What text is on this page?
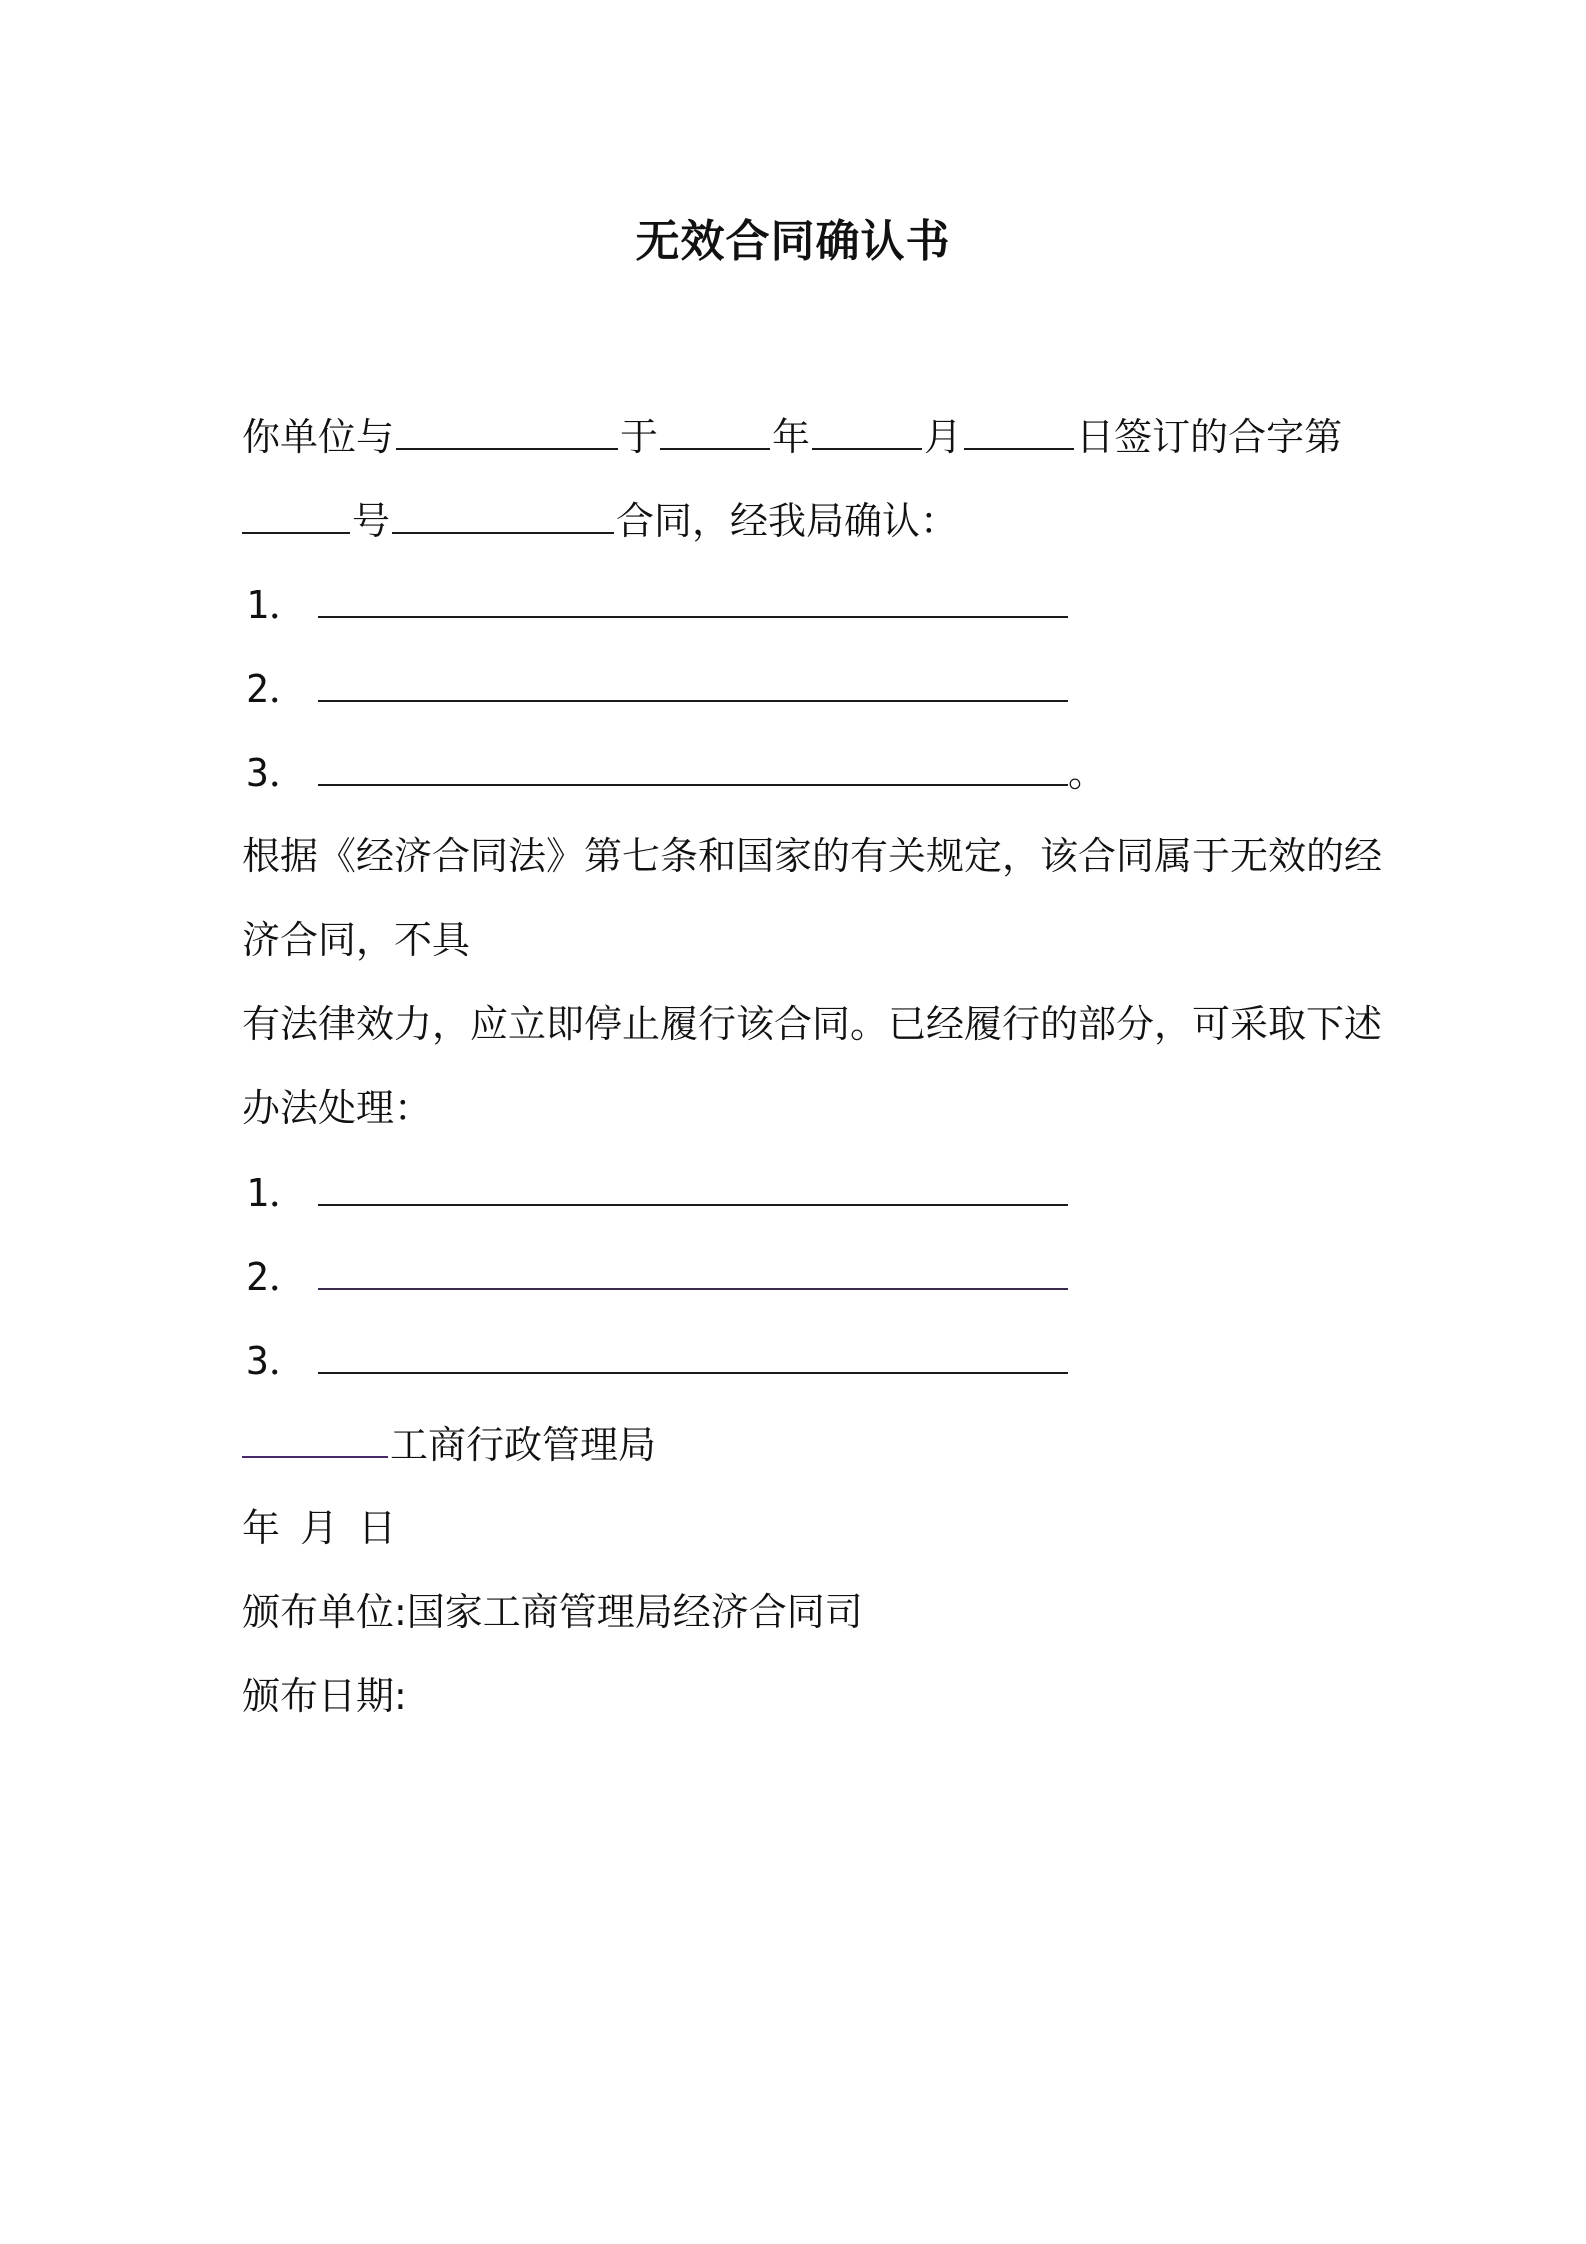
无效合同确认书
你单位与	于	年	月	日签订的合字第
号	合同，经我局确认：
1．
2．
3．	。
根据《经济合同法》第七条和国家的有关规定，该合同属于无效的经
济合同，不具
有法律效力，应立即停止履行该合同。已经履行的部分，可采取下述
办法处理：
1．
2．
3．
工商行政管理局
年 月 日
颁布单位:国家工商管理局经济合同司
颁布日期:
